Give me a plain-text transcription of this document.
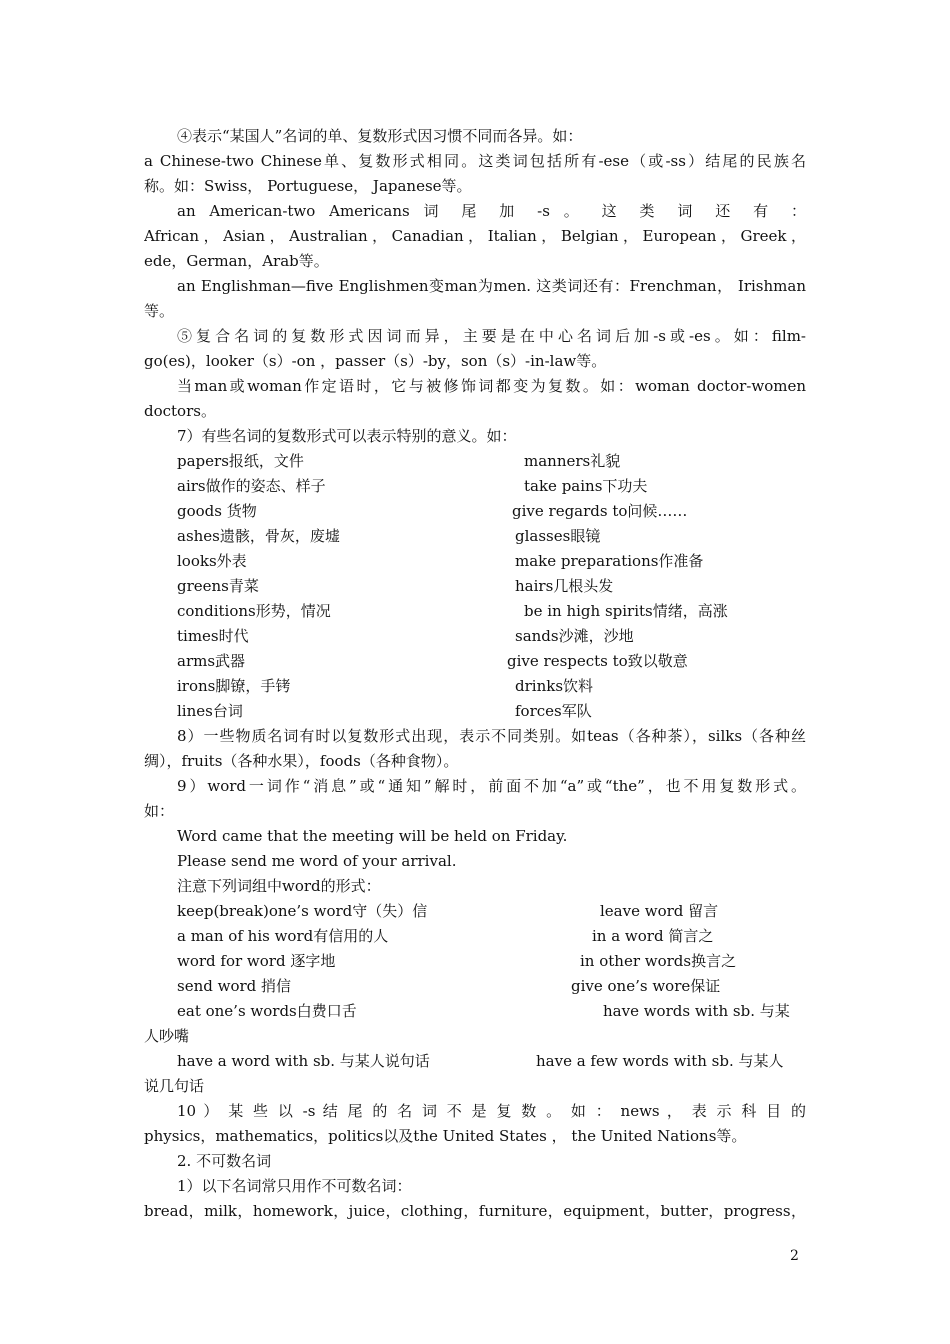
④表示“某国人”名词的单、复数形式因习惯不同而各异。如：
a Chinese-two Chinese单、复数形式相同。这类词包括所有-ese（或-ss）结尾的民族名
称。如：Swiss， Portuguese， Japanese等。
an American-two Americans 词 尾 加 -s 。 这 类 词 还 有 ：
African，Asian，Australian，Canadian，Italian，Belgian，European，Greek，
ede，German，Arab等。
an Englishman—five Englishmen变man为men. 这类词还有：Frenchman， Irishman
等。
⑤复合名词的复数形式因词而异，主要是在中心名词后加-s或-es。如：film-
go(es)，looker（s）-on ，passer（s）-by，son（s）-in-law等。
当man或woman作定语时，它与被修饰词都变为复数。如：woman doctor-women
doctors。
7）有些名词的复数形式可以表示特别的意义。如：
papers报纸，文件	manners礼貌
airs做作的姿态、样子	take pains下功夫
goods 货物	give regards to问候……
ashes遗骸，骨灰，废墟	glasses眼镜
looks外表	make preparations作准备
greens青菜	hairs几根头发
conditions形势，情况	be in high spirits情绪，高涨
times时代	sands沙滩，沙地
arms武器	give respects to致以敬意
irons脚镣，手铐	drinks饮料
lines台词	forces军队
8）一些物质名词有时以复数形式出现，表示不同类别。如teas（各种茶），silks（各种丝
绸），fruits（各种水果），foods（各种食物）。
9）word一词作“消息”或“通知”解时，前面不加“a”或“the”，也不用复数形式。
如：
Word came that the meeting will be held on Friday.
Please send me word of your arrival.
注意下列词组中word的形式：
keep(break)one’s word守（失）信	leave word 留言
a man of his word有信用的人	in a word 简言之
word for word 逐字地	in other words换言之
send word 捎信	give one’s wore保证
eat one’s words白费口舌	have words with sb. 与某
人吵嘴
have a word with sb. 与某人说句话	have a few words with sb. 与某人
说几句话
10 ） 某 些 以 -s 结 尾 的 名 词 不 是 复 数 。 如 ： news ， 表 示 科 目 的
physics，mathematics，politics以及the United States ， the United Nations等。
2. 不可数名词
1）以下名词常只用作不可数名词：
bread，milk，homework，juice，clothing，furniture，equipment，butter，progress，
2
